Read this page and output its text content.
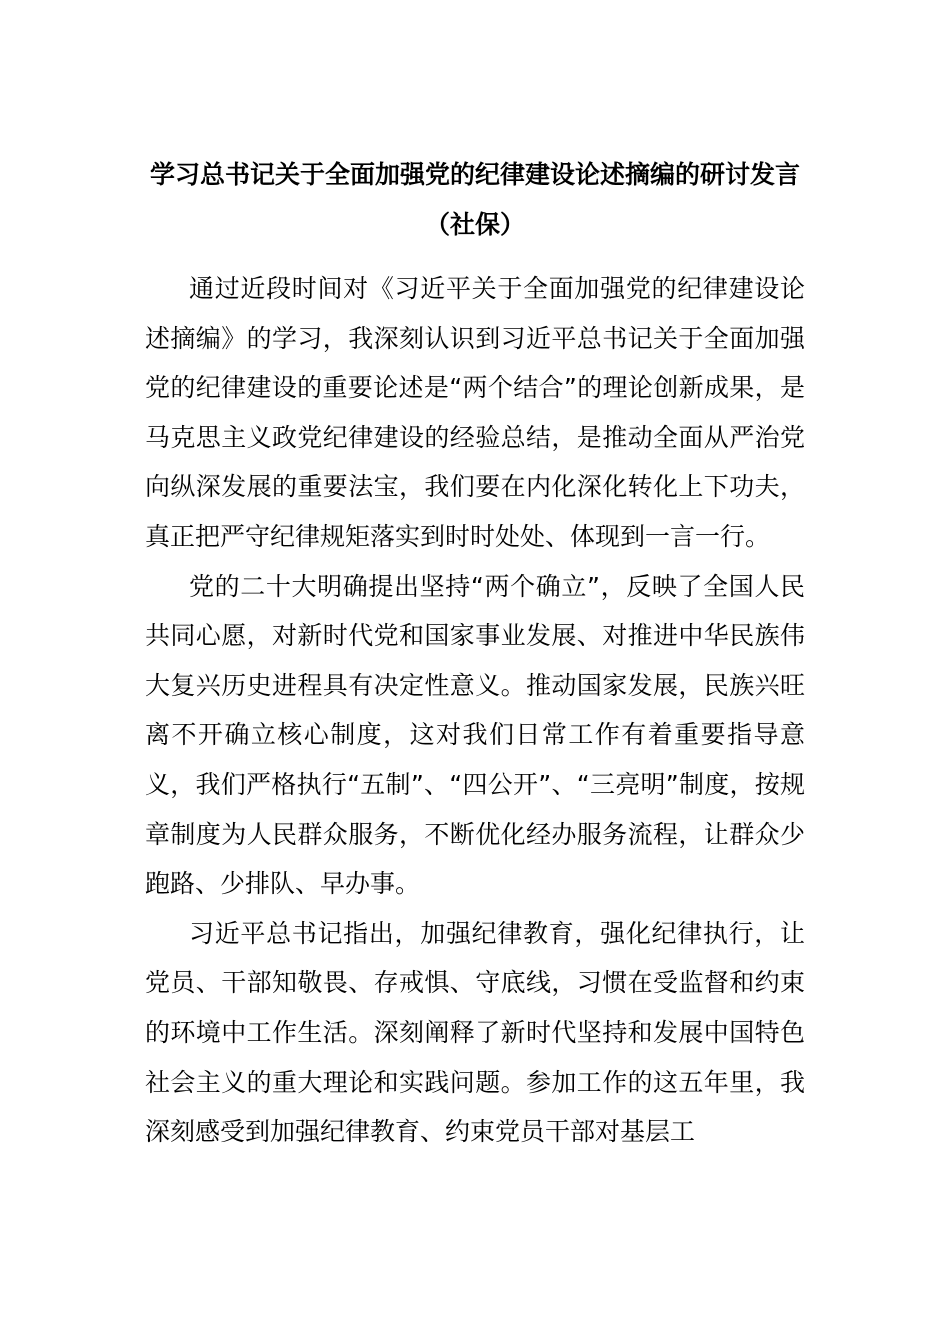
学习总书记关于全面加强党的纪律建设论述摘编的研讨发言（社保）

通过近段时间对《习近平关于全面加强党的纪律建设论述摘编》的学习，我深刻认识到习近平总书记关于全面加强党的纪律建设的重要论述是“两个结合”的理论创新成果，是马克思主义政党纪律建设的经验总结，是推动全面从严治党向纵深发展的重要法宝，我们要在内化深化转化上下功夫，真正把严守纪律规矩落实到时时处处、体现到一言一行。

党的二十大明确提出坚持“两个确立”，反映了全国人民共同心愿，对新时代党和国家事业发展、对推进中华民族伟大复兴历史进程具有决定性意义。推动国家发展，民族兴旺离不开确立核心制度，这对我们日常工作有着重要指导意义，我们严格执行“五制”、“四公开”、“三亮明”制度，按规章制度为人民群众服务，不断优化经办服务流程，让群众少跑路、少排队、早办事。

习近平总书记指出，加强纪律教育，强化纪律执行，让党员、干部知敬畏、存戒惧、守底线，习惯在受监督和约束的环境中工作生活。深刻阐释了新时代坚持和发展中国特色社会主义的重大理论和实践问题。参加工作的这五年里，我深刻感受到加强纪律教育、约束党员干部对基层工
